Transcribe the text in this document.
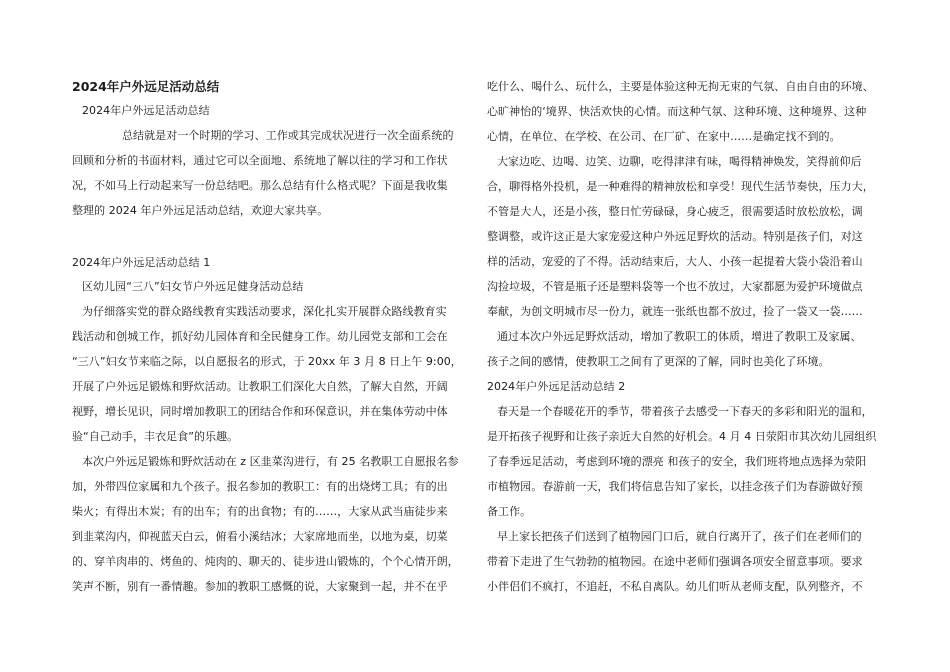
2024年户外远足活动总结
2024年户外远足活动总结
总结就是对一个时期的学习、工作或其完成状况进行一次全面系统的
回顾和分析的书面材料，通过它可以全面地、系统地了解以往的学习和工作状
况，不如马上行动起来写一份总结吧。那么总结有什么格式呢？下面是我收集
整理的 2024 年户外远足活动总结，欢迎大家共享。
2024年户外远足活动总结 1
区幼儿园“三八”妇女节户外远足健身活动总结
为仔细落实党的群众路线教育实践活动要求，深化扎实开展群众路线教育实
践活动和创城工作，抓好幼儿园体育和全民健身工作。幼儿园党支部和工会在
“三八”妇女节来临之际，以自愿报名的形式，于 20xx 年 3 月 8 日上午 9:00，
开展了户外远足锻炼和野炊活动。让教职工们深化大自然，了解大自然，开阔
视野，增长见识，同时增加教职工的团结合作和环保意识，并在集体劳动中体
验“自己动手，丰衣足食”的乐趣。
本次户外远足锻炼和野炊活动在 z 区韭菜沟进行，有 25 名教职工自愿报名参
加，外带四位家属和九个孩子。报名参加的教职工：有的出烧烤工具；有的出
柴火；有得出木炭；有的出车；有的出食物；有的……，大家从武当庙徒步来
到韭菜沟内，仰视蓝天白云，俯看小溪结冰；大家席地而坐，以地为桌，切菜
的、穿羊肉串的、烤鱼的、炖肉的、聊天的、徒步进山锻炼的，个个心情开朗，
笑声不断，别有一番情趣。参加的教职工感慨的说，大家聚到一起，并不在乎
吃什么、喝什么、玩什么，主要是体验这种无拘无束的气氛、自由自由的环境、
心旷神怡的‘境界、快活欢快的心情。而这种气氛、这种环境、这种境界、这种
心情，在单位、在学校、在公司、在厂矿、在家中……是确定找不到的。
大家边吃、边喝、边笑、边聊，吃得津津有味，喝得精神焕发，笑得前仰后
合，聊得格外投机，是一种难得的精神放松和享受！现代生活节奏快，压力大，
不管是大人，还是小孩，整日忙劳碌碌，身心疲乏，很需要适时放松放松，调
整调整，或许这正是大家宠爱这种户外远足野炊的活动。特别是孩子们，对这
样的活动，宠爱的了不得。活动结束后，大人、小孩一起提着大袋小袋沿着山
沟捡垃圾，不管是瓶子还是塑料袋等一个也不放过，大家都愿为爱护环境做点
奉献，为创文明城市尽一份力，就连一张纸也都不放过，捡了一袋又一袋……
通过本次户外远足野炊活动，增加了教职工的体质，增进了教职工及家属、
孩子之间的感情，使教职工之间有了更深的了解，同时也美化了环境。
2024年户外远足活动总结 2
春天是一个春暖花开的季节，带着孩子去感受一下春天的多彩和阳光的温和，
是开拓孩子视野和让孩子亲近大自然的好机会。4 月 4 日荥阳市其次幼儿园组织
了春季远足活动，考虑到环境的漂亮 和孩子的安全，我们班将地点选择为荥阳
市植物园。春游前一天，我们将信息告知了家长，以挂念孩子们为春游做好预
备工作。
早上家长把孩子们送到了植物园门口后，就自行离开了，孩子们在老师们的
带着下走进了生气勃勃的植物园。在途中老师们强调各项安全留意事项。要求
小伴侣们不疯打，不追赶，不私自离队。幼儿们听从老师支配，队列整齐，不
